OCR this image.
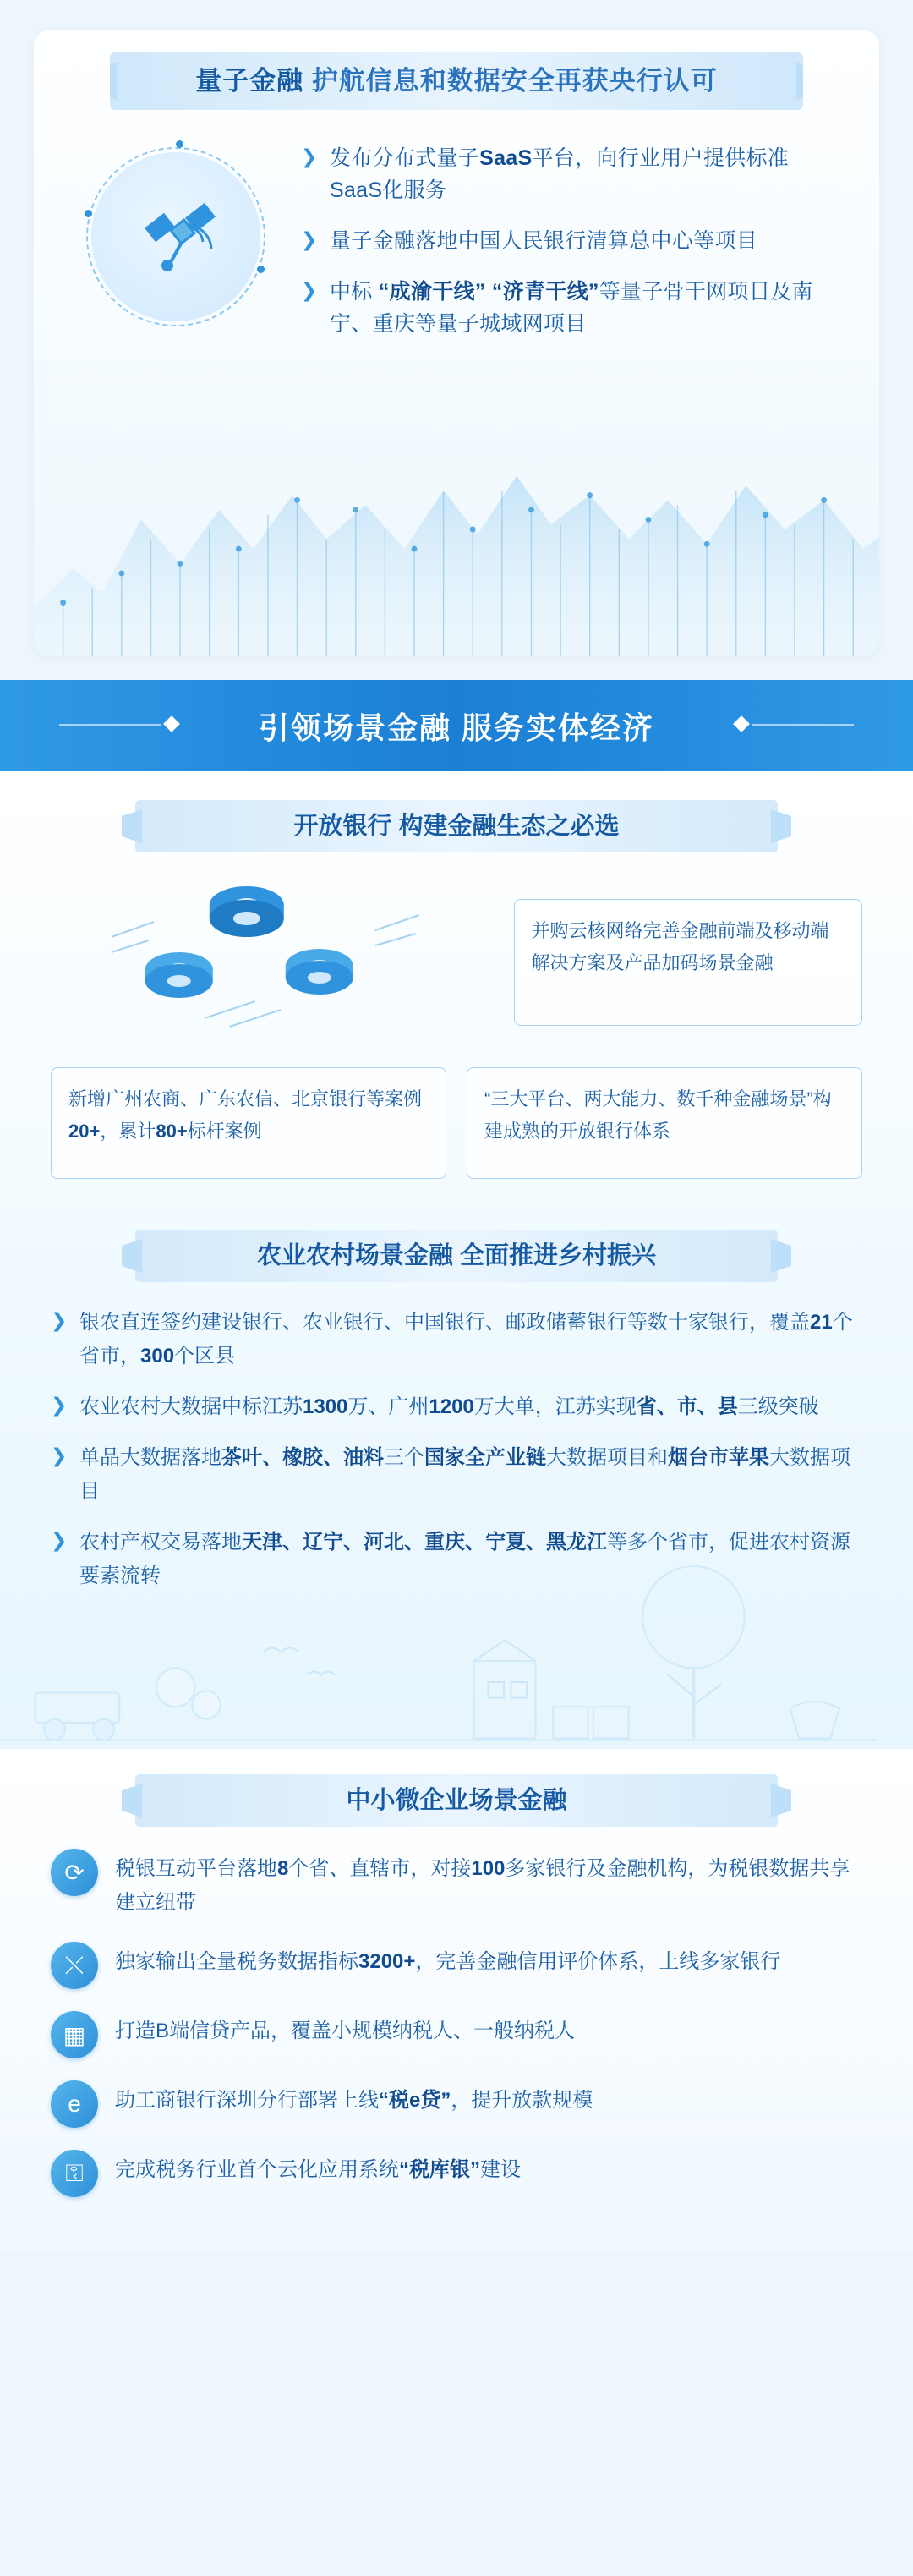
量子金融 护航信息和数据安全再获央行认可
❯ 发布分布式量子SaaS平台，向行业用户提供标准SaaS化服务
❯ 量子金融落地中国人民银行清算总中心等项目
❯ 中标 “成渝干线” “济青干线”等量子骨干网项目及南宁、重庆等量子城域网项目
引领场景金融 服务实体经济
开放银行 构建金融生态之必选
并购云核网络完善金融前端及移动端解决方案及产品加码场景金融
新增广州农商、广东农信、北京银行等案例20+，累计80+标杆案例
“三大平台、两大能力、数千种金融场景”构建成熟的开放银行体系
农业农村场景金融 全面推进乡村振兴
❯ 银农直连签约建设银行、农业银行、中国银行、邮政储蓄银行等数十家银行，覆盖21个省市，300个区县
❯ 农业农村大数据中标江苏1300万、广州1200万大单，江苏实现省、市、县三级突破
❯ 单品大数据落地茶叶、橡胶、油料三个国家全产业链大数据项目和烟台市苹果大数据项目
❯ 农村产权交易落地天津、辽宁、河北、重庆、宁夏、黑龙江等多个省市，促进农村资源要素流转
中小微企业场景金融
⟳	税银互动平台落地8个省、直辖市，对接100多家银行及金融机构，为税银数据共享建立纽带
⤬	独家输出全量税务数据指标3200+，完善金融信用评价体系，上线多家银行
▦	打造B端信贷产品，覆盖小规模纳税人、一般纳税人
e	助工商银行深圳分行部署上线“税e贷”，提升放款规模
⚿	完成税务行业首个云化应用系统“税库银”建设
